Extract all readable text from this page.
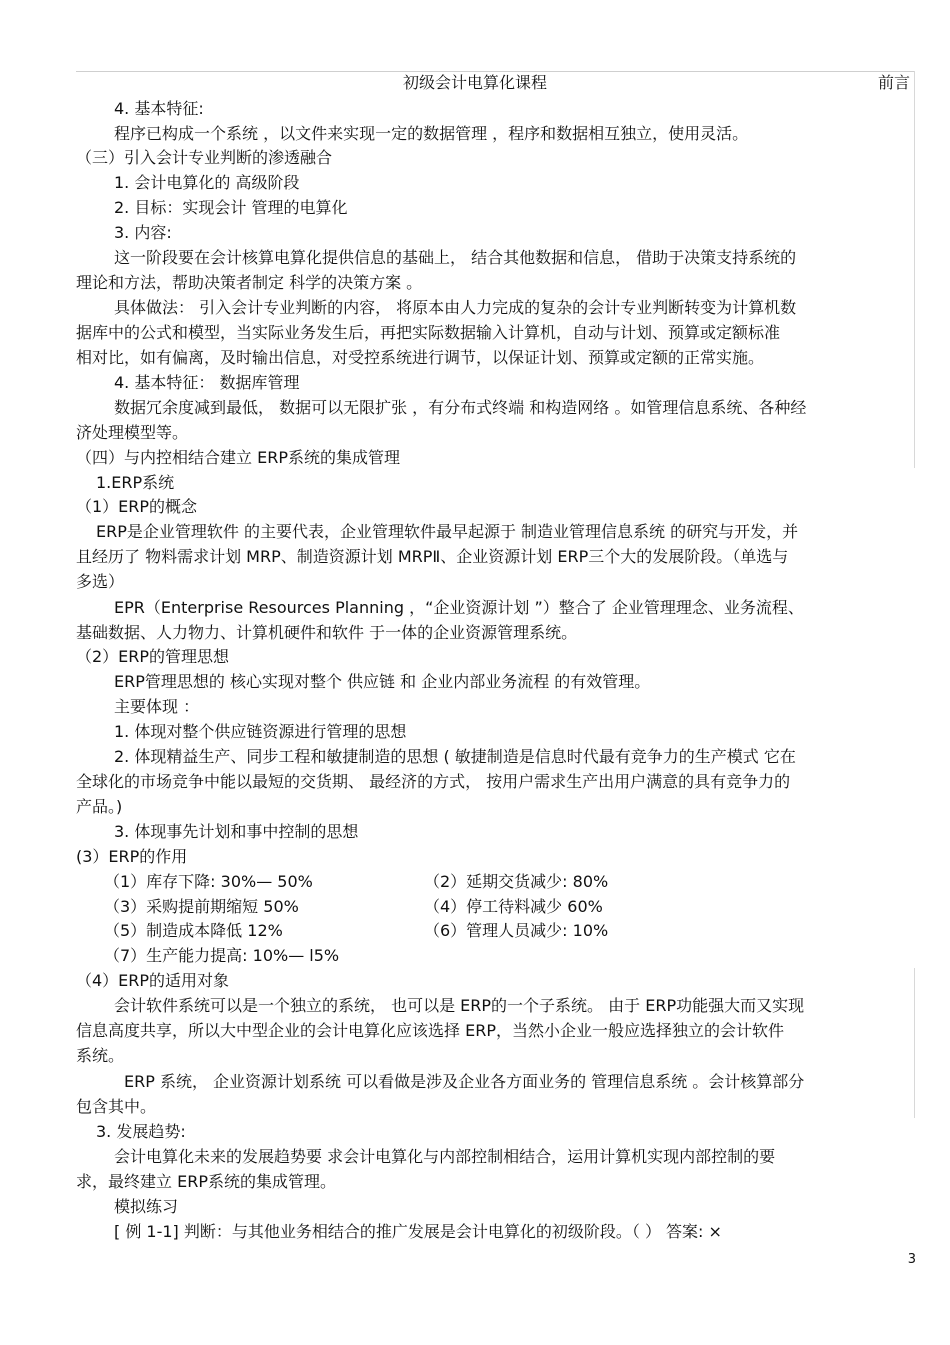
初级会计电算化课程	前言
4. 基本特征:
程序已构成一个系统 ，以文件来实现一定的数据管理 ，程序和数据相互独立，使用灵活。
（三）引入会计专业判断的渗透融合
1. 会计电算化的 高级阶段
2. 目标：实现会计 管理的电算化
3. 内容:
这一阶段要在会计核算电算化提供信息的基础上， 结合其他数据和信息， 借助于决策支持系统的
理论和方法，帮助决策者制定 科学的决策方案 。
具体做法： 引入会计专业判断的内容， 将原本由人力完成的复杂的会计专业判断转变为计算机数
据库中的公式和模型，当实际业务发生后，再把实际数据输入计算机，自动与计划、预算或定额标准
相对比，如有偏离，及时输出信息，对受控系统进行调节，以保证计划、预算或定额的正常实施。
4. 基本特征： 数据库管理
数据冗余度减到最低， 数据可以无限扩张 ，有分布式终端 和构造网络 。如管理信息系统、各种经
济处理模型等。
（四）与内控相结合建立 ERP系统的集成管理
1.ERP系统
（1）ERP的概念
ERP是企业管理软件 的主要代表，企业管理软件最早起源于 制造业管理信息系统 的研究与开发，并
且经历了 物料需求计划 MRP、制造资源计划 MRPⅡ、企业资源计划 ERP三个大的发展阶段。（单选与
多选）
EPR（Enterprise Resources Planning ，“企业资源计划 ”）整合了 企业管理理念、业务流程、
基础数据、人力物力、计算机硬件和软件 于一体的企业资源管理系统。
（2）ERP的管理思想
ERP管理思想的 核心实现对整个 供应链 和 企业内部业务流程 的有效管理。
主要体现 ：
1. 体现对整个供应链资源进行管理的思想
2. 体现精益生产、同步工程和敏捷制造的思想 ( 敏捷制造是信息时代最有竞争力的生产模式 它在
全球化的市场竞争中能以最短的交货期、 最经济的方式， 按用户需求生产出用户满意的具有竞争力的
产品。)
3. 体现事先计划和事中控制的思想
(3）ERP的作用
（1）库存下降: 30%— 50%	（2）延期交货减少: 80%
（3）采购提前期缩短 50%	（4）停工待料减少 60%
（5）制造成本降低 12%	（6）管理人员减少: 10%
（7）生产能力提高: 10%— l5%
（4）ERP的适用对象
会计软件系统可以是一个独立的系统， 也可以是 ERP的一个子系统。 由于 ERP功能强大而又实现
信息高度共享，所以大中型企业的会计电算化应该选择 ERP，当然小企业一般应选择独立的会计软件
系统。
ERP 系统， 企业资源计划系统 可以看做是涉及企业各方面业务的 管理信息系统 。会计核算部分
包含其中。
3. 发展趋势:
会计电算化未来的发展趋势要 求会计电算化与内部控制相结合，运用计算机实现内部控制的要
求，最终建立 ERP系统的集成管理。
模拟练习
[ 例 1-1] 判断：与其他业务相结合的推广发展是会计电算化的初级阶段。（ ） 答案: ×
3
